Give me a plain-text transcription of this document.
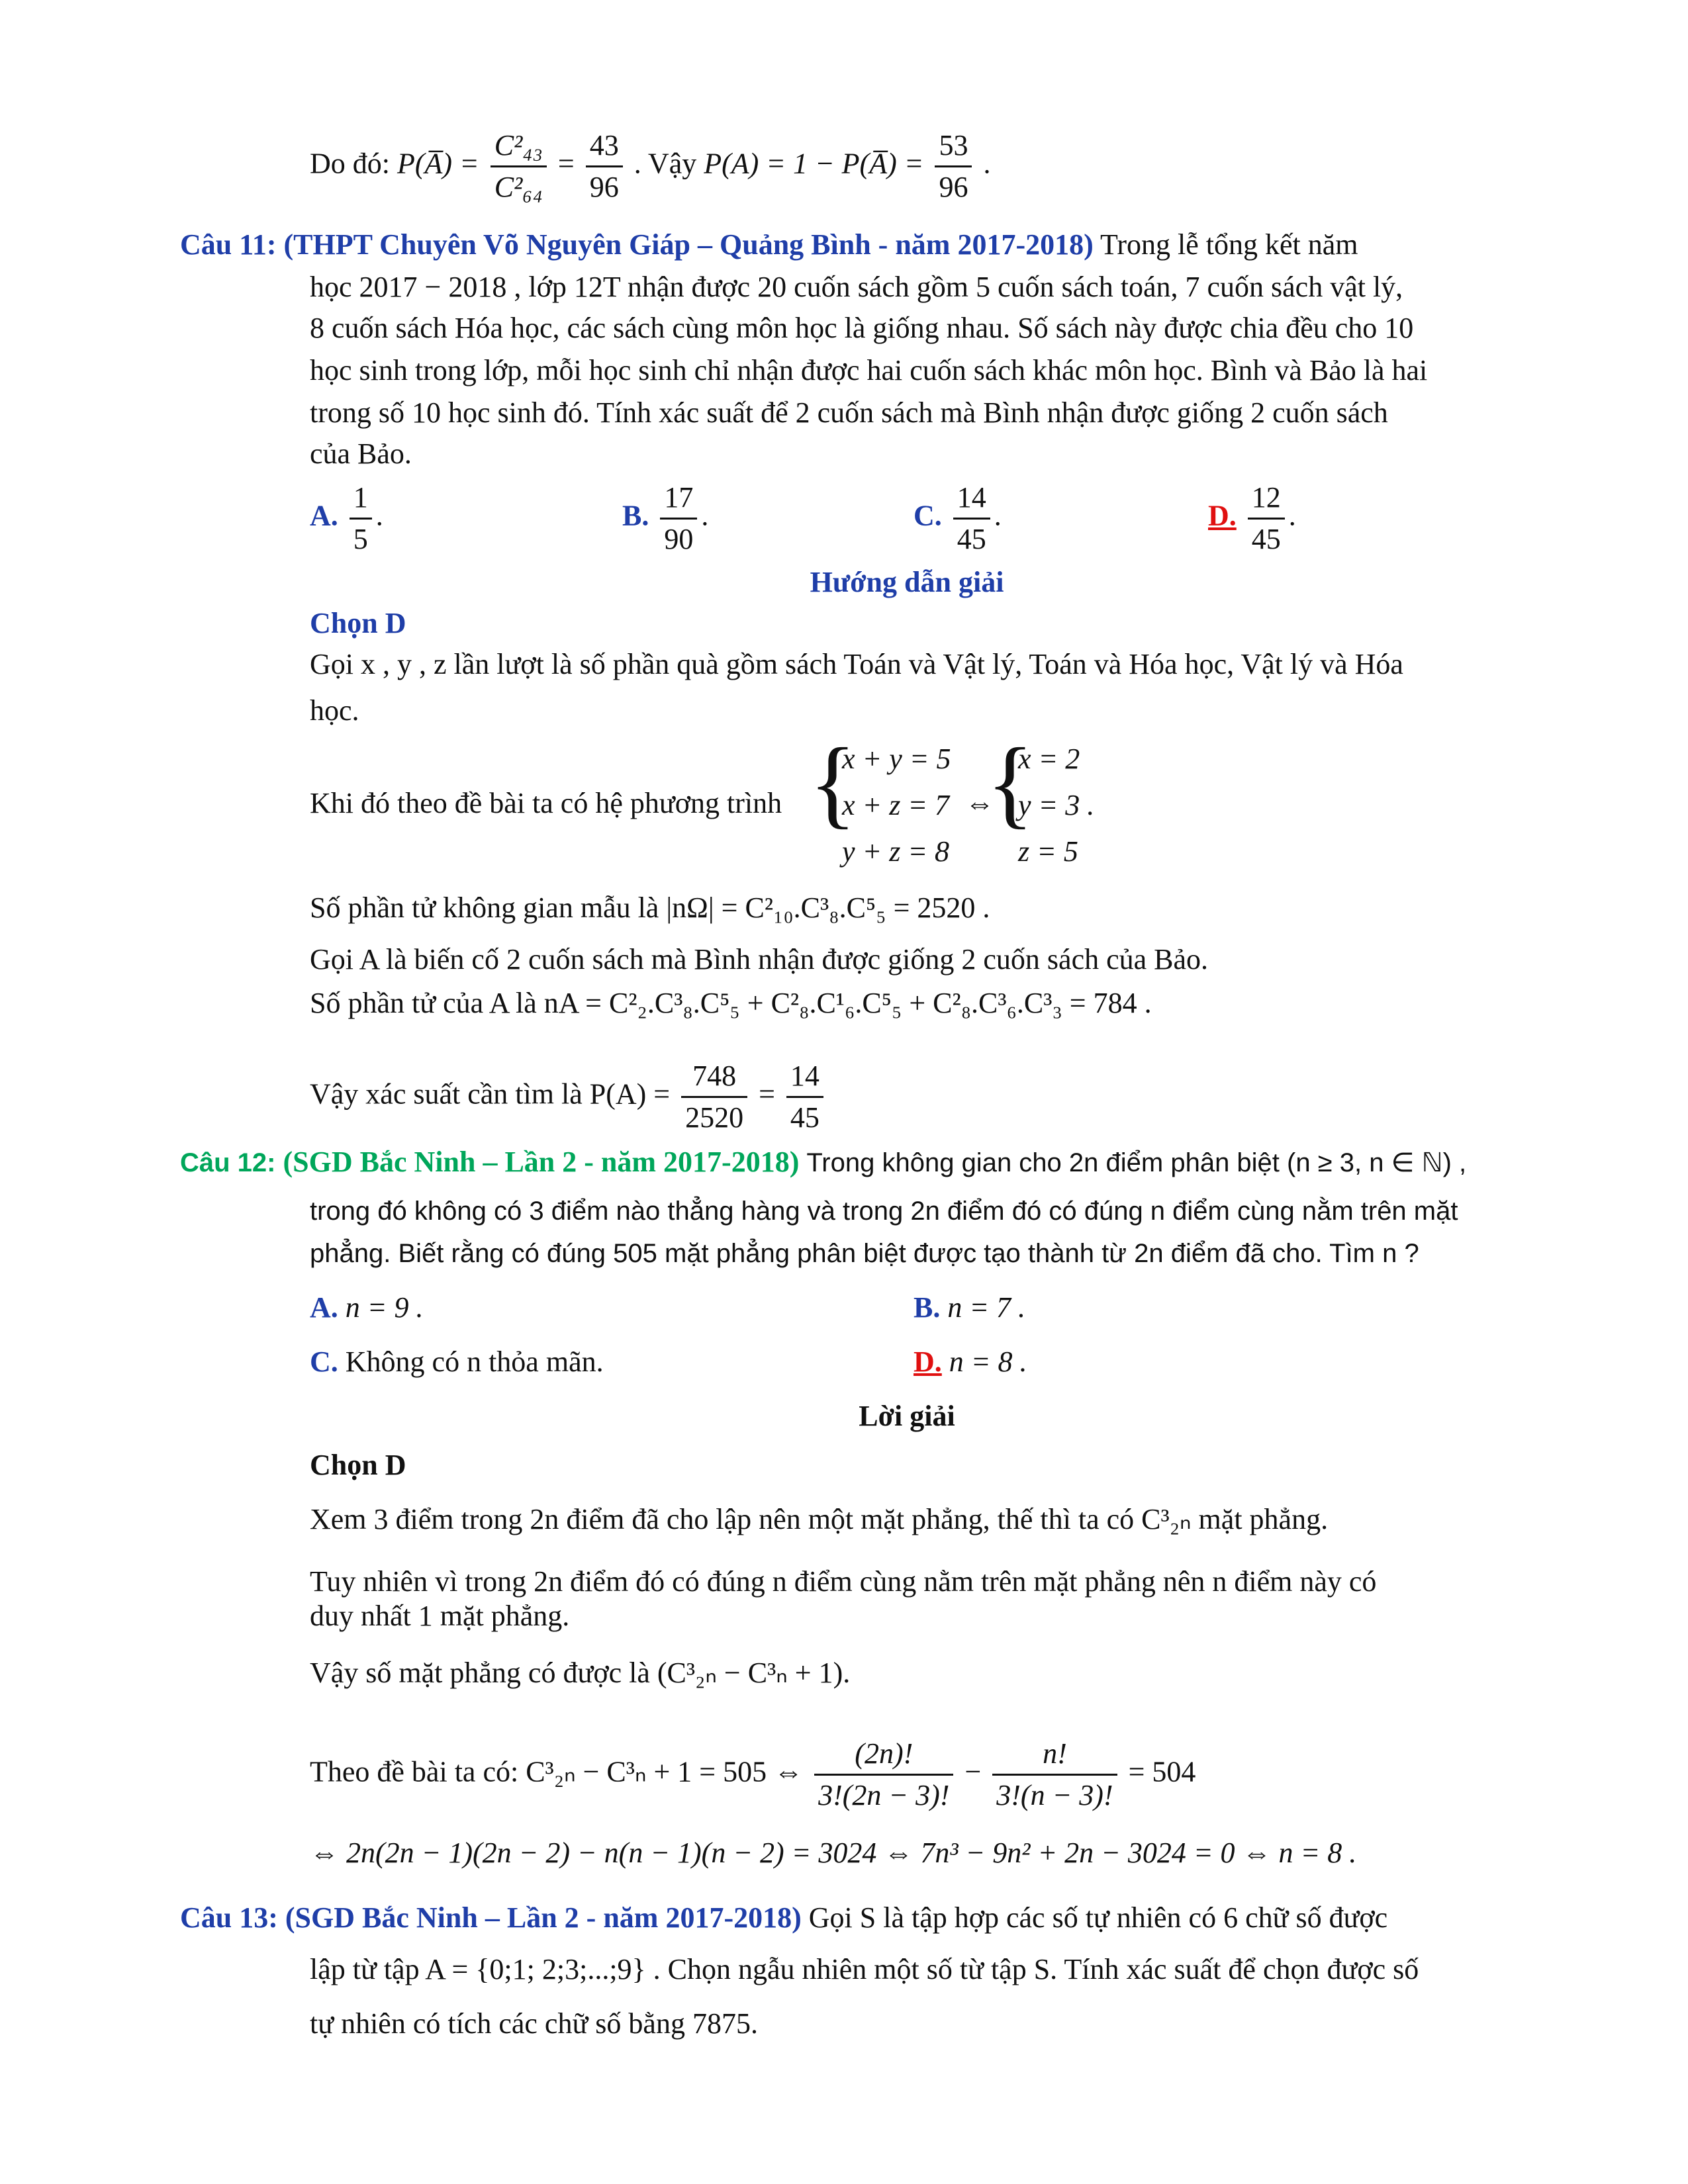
Do đó: P(A̅) = $\frac{\text{C²₄₃}}{\text{C²₆₄}} = \frac{43}{96}$ . Vậy P(A) = 1 − P(A̅) = $\frac{53}{96}$ .
Câu 11: (THPT Chuyên Võ Nguyên Giáp – Quảng Bình - năm 2017-2018) Trong lễ tổng kết năm
học 2017 − 2018 , lớp 12T nhận được 20 cuốn sách gồm 5 cuốn sách toán, 7 cuốn sách vật lý,
8 cuốn sách Hóa học, các sách cùng môn học là giống nhau. Số sách này được chia đều cho 10
học sinh trong lớp, mỗi học sinh chỉ nhận được hai cuốn sách khác môn học. Bình và Bảo là hai
trong số 10 học sinh đó. Tính xác suất để 2 cuốn sách mà Bình nhận được giống 2 cuốn sách
của Bảo.
A. $\frac{1}{5}$ .	B. $\frac{17}{90}$ .	C. $\frac{14}{45}$ .	D. $\frac{12}{45}$ .
Hướng dẫn giải
Chọn D
Gọi x , y , z lần lượt là số phần quà gồm sách Toán và Vật lý, Toán và Hóa học, Vật lý và Hóa
học.
Khi đó theo đề bài ta có hệ phương trình {
x + y = 5
x + z = 7
y + z = 8
⇔
{
x = 2
y = 3 .
z = 5
Số phần tử không gian mẫu là |nΩ| = C²₁₀.C³₈.C⁵₅ = 2520 .
Gọi A là biến cố 2 cuốn sách mà Bình nhận được giống 2 cuốn sách của Bảo.
Số phần tử của A là nA = C²₂.C³₈.C⁵₅ + C²₈.C¹₆.C⁵₅ + C²₈.C³₆.C³₃ = 784 .
Vậy xác suất cần tìm là $P(A) = \frac{748}{2520} = \frac{14}{45}$
Câu 12: (SGD Bắc Ninh – Lần 2 - năm 2017-2018) Trong không gian cho 2n điểm phân biệt (n ≥ 3, n ∈ ℕ) ,
trong đó không có 3 điểm nào thẳng hàng và trong 2n điểm đó có đúng n điểm cùng nằm trên mặt
phẳng. Biết rằng có đúng 505 mặt phẳng phân biệt được tạo thành từ 2n điểm đã cho. Tìm n ?
A. n = 9 .	B. n = 7 .
C. Không có n thỏa mãn.	D. n = 8 .
Lời giải
Chọn D
Xem 3 điểm trong 2n điểm đã cho lập nên một mặt phẳng, thế thì ta có C³₂ₙ mặt phẳng.
Tuy nhiên vì trong 2n điểm đó có đúng n điểm cùng nằm trên mặt phẳng nên n điểm này có
duy nhất 1 mặt phẳng.
Vậy số mặt phẳng có được là (C³₂ₙ − C³ₙ + 1).
Theo đề bài ta có: C³₂ₙ − C³ₙ + 1 = 505 ⇔ $\frac{(2n)!}{3!(2n - 3)!} - \frac{n!}{3!(n - 3)!} = 504$
⇔ 2n(2n − 1)(2n − 2) − n(n − 1)(n − 2) = 3024 ⇔ 7n³ − 9n² + 2n − 3024 = 0 ⇔ n = 8 .
Câu 13: (SGD Bắc Ninh – Lần 2 - năm 2017-2018) Gọi S là tập hợp các số tự nhiên có 6 chữ số được
lập từ tập A = {0;1; 2;3;...;9} . Chọn ngẫu nhiên một số từ tập S. Tính xác suất để chọn được số
tự nhiên có tích các chữ số bằng 7875.
